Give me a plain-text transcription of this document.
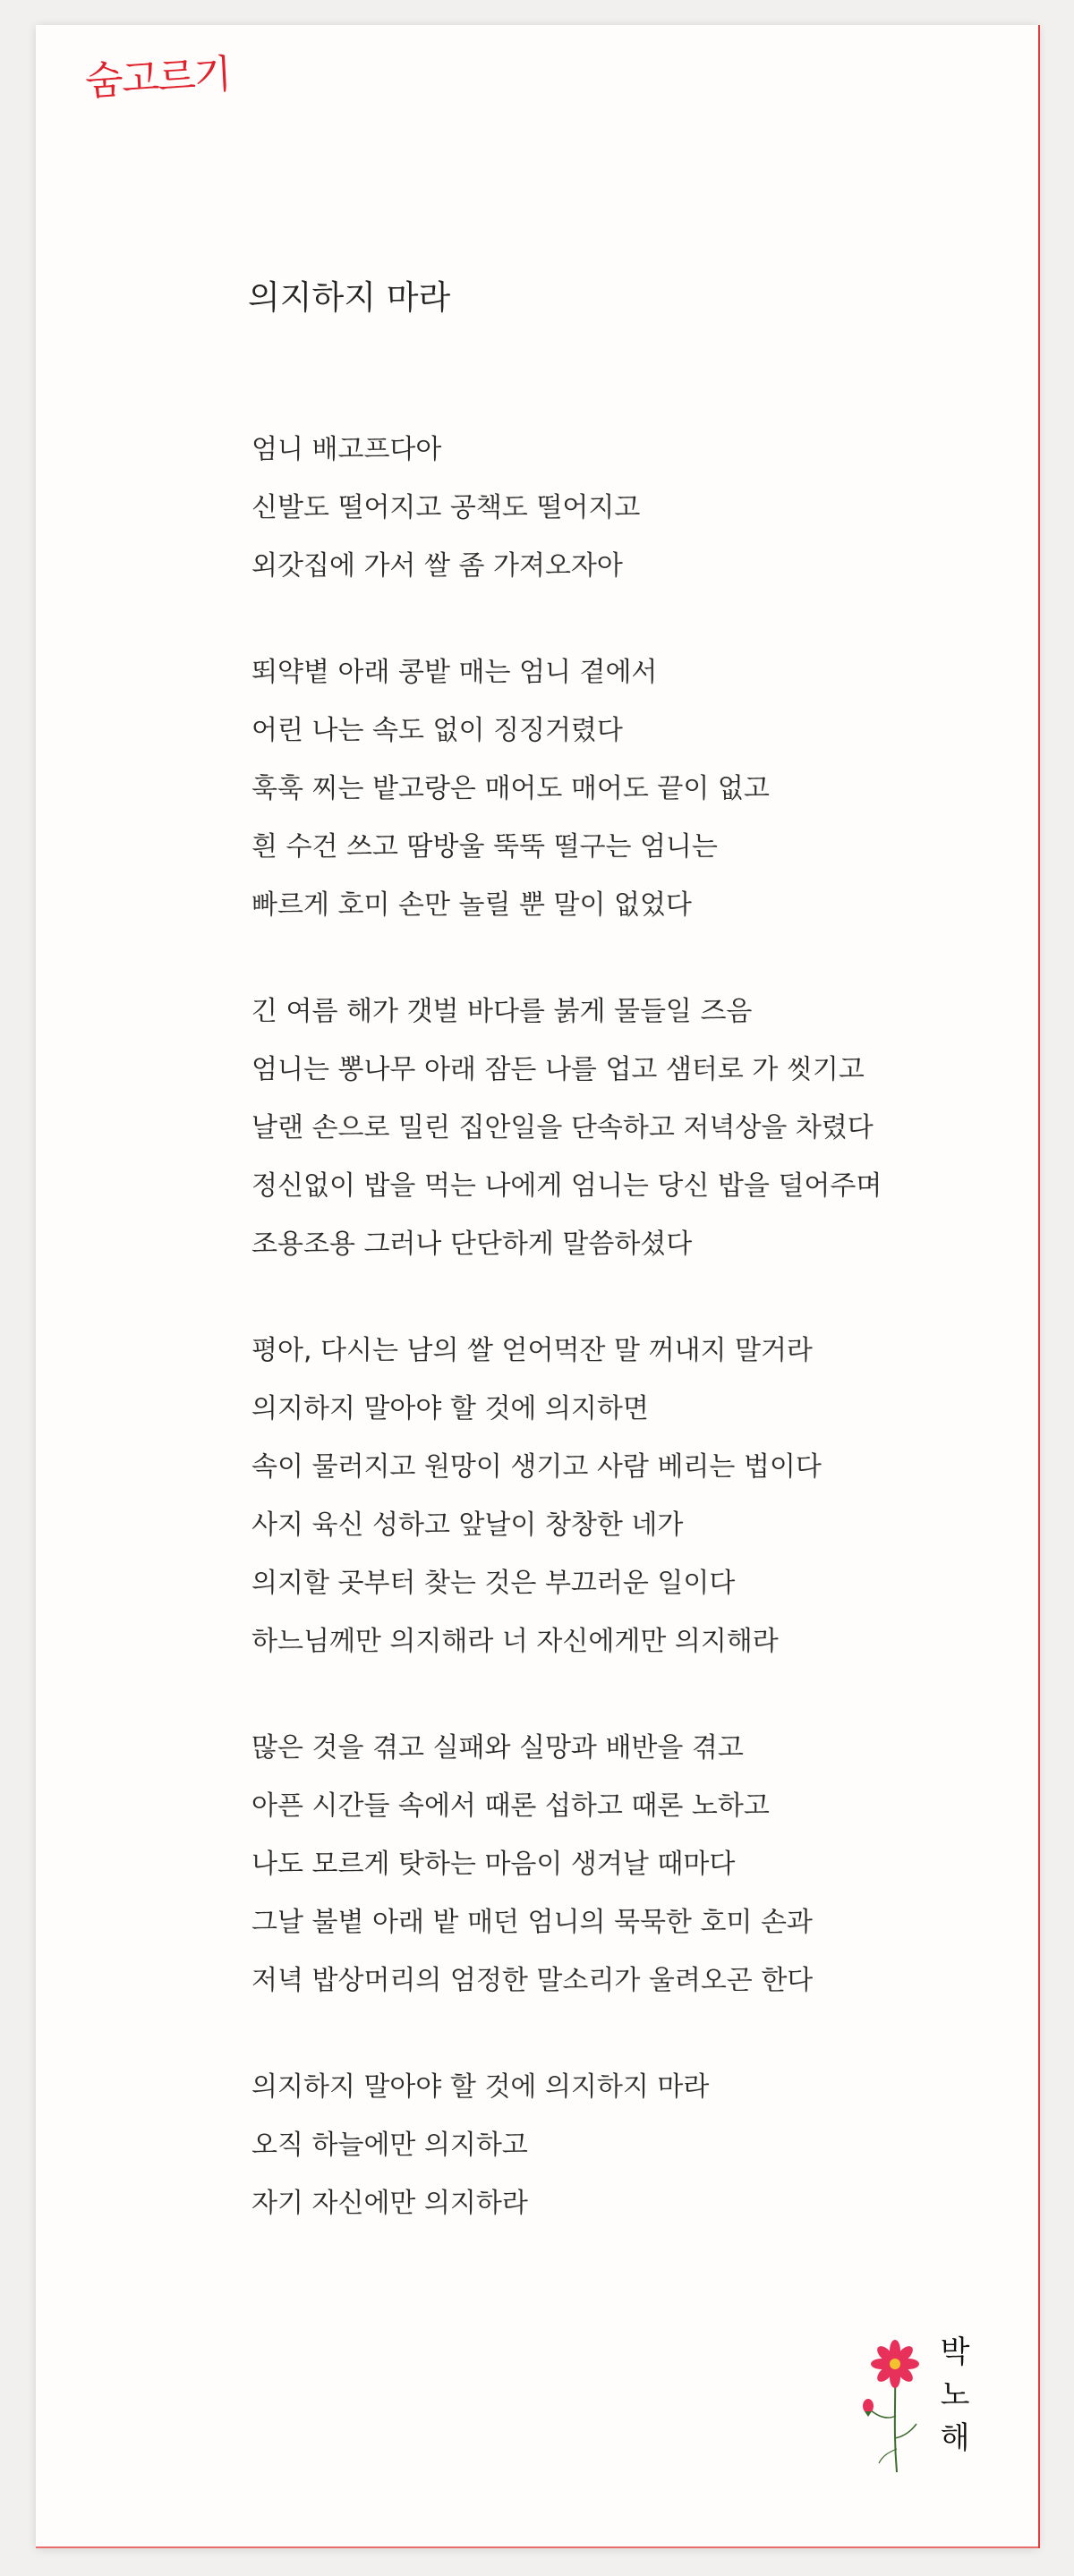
숨고르기
의지하지 마라
엄니 배고프다아
신발도 떨어지고 공책도 떨어지고
외갓집에 가서 쌀 좀 가져오자아
뙤약볕 아래 콩밭 매는 엄니 곁에서
어린 나는 속도 없이 징징거렸다
훅훅 찌는 밭고랑은 매어도 매어도 끝이 없고
흰 수건 쓰고 땀방울 뚝뚝 떨구는 엄니는
빠르게 호미 손만 놀릴 뿐 말이 없었다
긴 여름 해가 갯벌 바다를 붉게 물들일 즈음
엄니는 뽕나무 아래 잠든 나를 업고 샘터로 가 씻기고
날랜 손으로 밀린 집안일을 단속하고 저녁상을 차렸다
정신없이 밥을 먹는 나에게 엄니는 당신 밥을 덜어주며
조용조용 그러나 단단하게 말씀하셨다
평아, 다시는 남의 쌀 얻어먹잔 말 꺼내지 말거라
의지하지 말아야 할 것에 의지하면
속이 물러지고 원망이 생기고 사람 베리는 법이다
사지 육신 성하고 앞날이 창창한 네가
의지할 곳부터 찾는 것은 부끄러운 일이다
하느님께만 의지해라 너 자신에게만 의지해라
많은 것을 겪고 실패와 실망과 배반을 겪고
아픈 시간들 속에서 때론 섭하고 때론 노하고
나도 모르게 탓하는 마음이 생겨날 때마다
그날 불볕 아래 밭 매던 엄니의 묵묵한 호미 손과
저녁 밥상머리의 엄정한 말소리가 울려오곤 한다
의지하지 말아야 할 것에 의지하지 마라
오직 하늘에만 의지하고
자기 자신에만 의지하라
박
노
해
